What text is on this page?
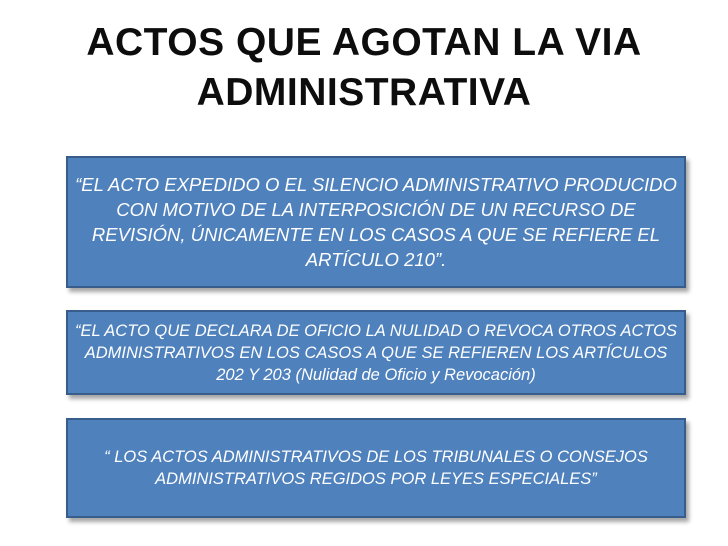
ACTOS QUE AGOTAN LA VIA
ADMINISTRATIVA

“EL ACTO EXPEDIDO O EL SILENCIO ADMINISTRATIVO PRODUCIDO CON MOTIVO DE LA INTERPOSICIÓN DE UN RECURSO DE REVISIÓN, ÚNICAMENTE EN LOS CASOS A QUE SE REFIERE EL ARTÍCULO 210”.

“EL ACTO QUE DECLARA DE OFICIO LA NULIDAD O REVOCA OTROS ACTOS ADMINISTRATIVOS EN LOS CASOS A QUE SE REFIEREN LOS ARTÍCULOS 202 Y 203 (Nulidad de Oficio y Revocación)

“ LOS ACTOS ADMINISTRATIVOS DE LOS TRIBUNALES O CONSEJOS ADMINISTRATIVOS REGIDOS POR LEYES ESPECIALES”
